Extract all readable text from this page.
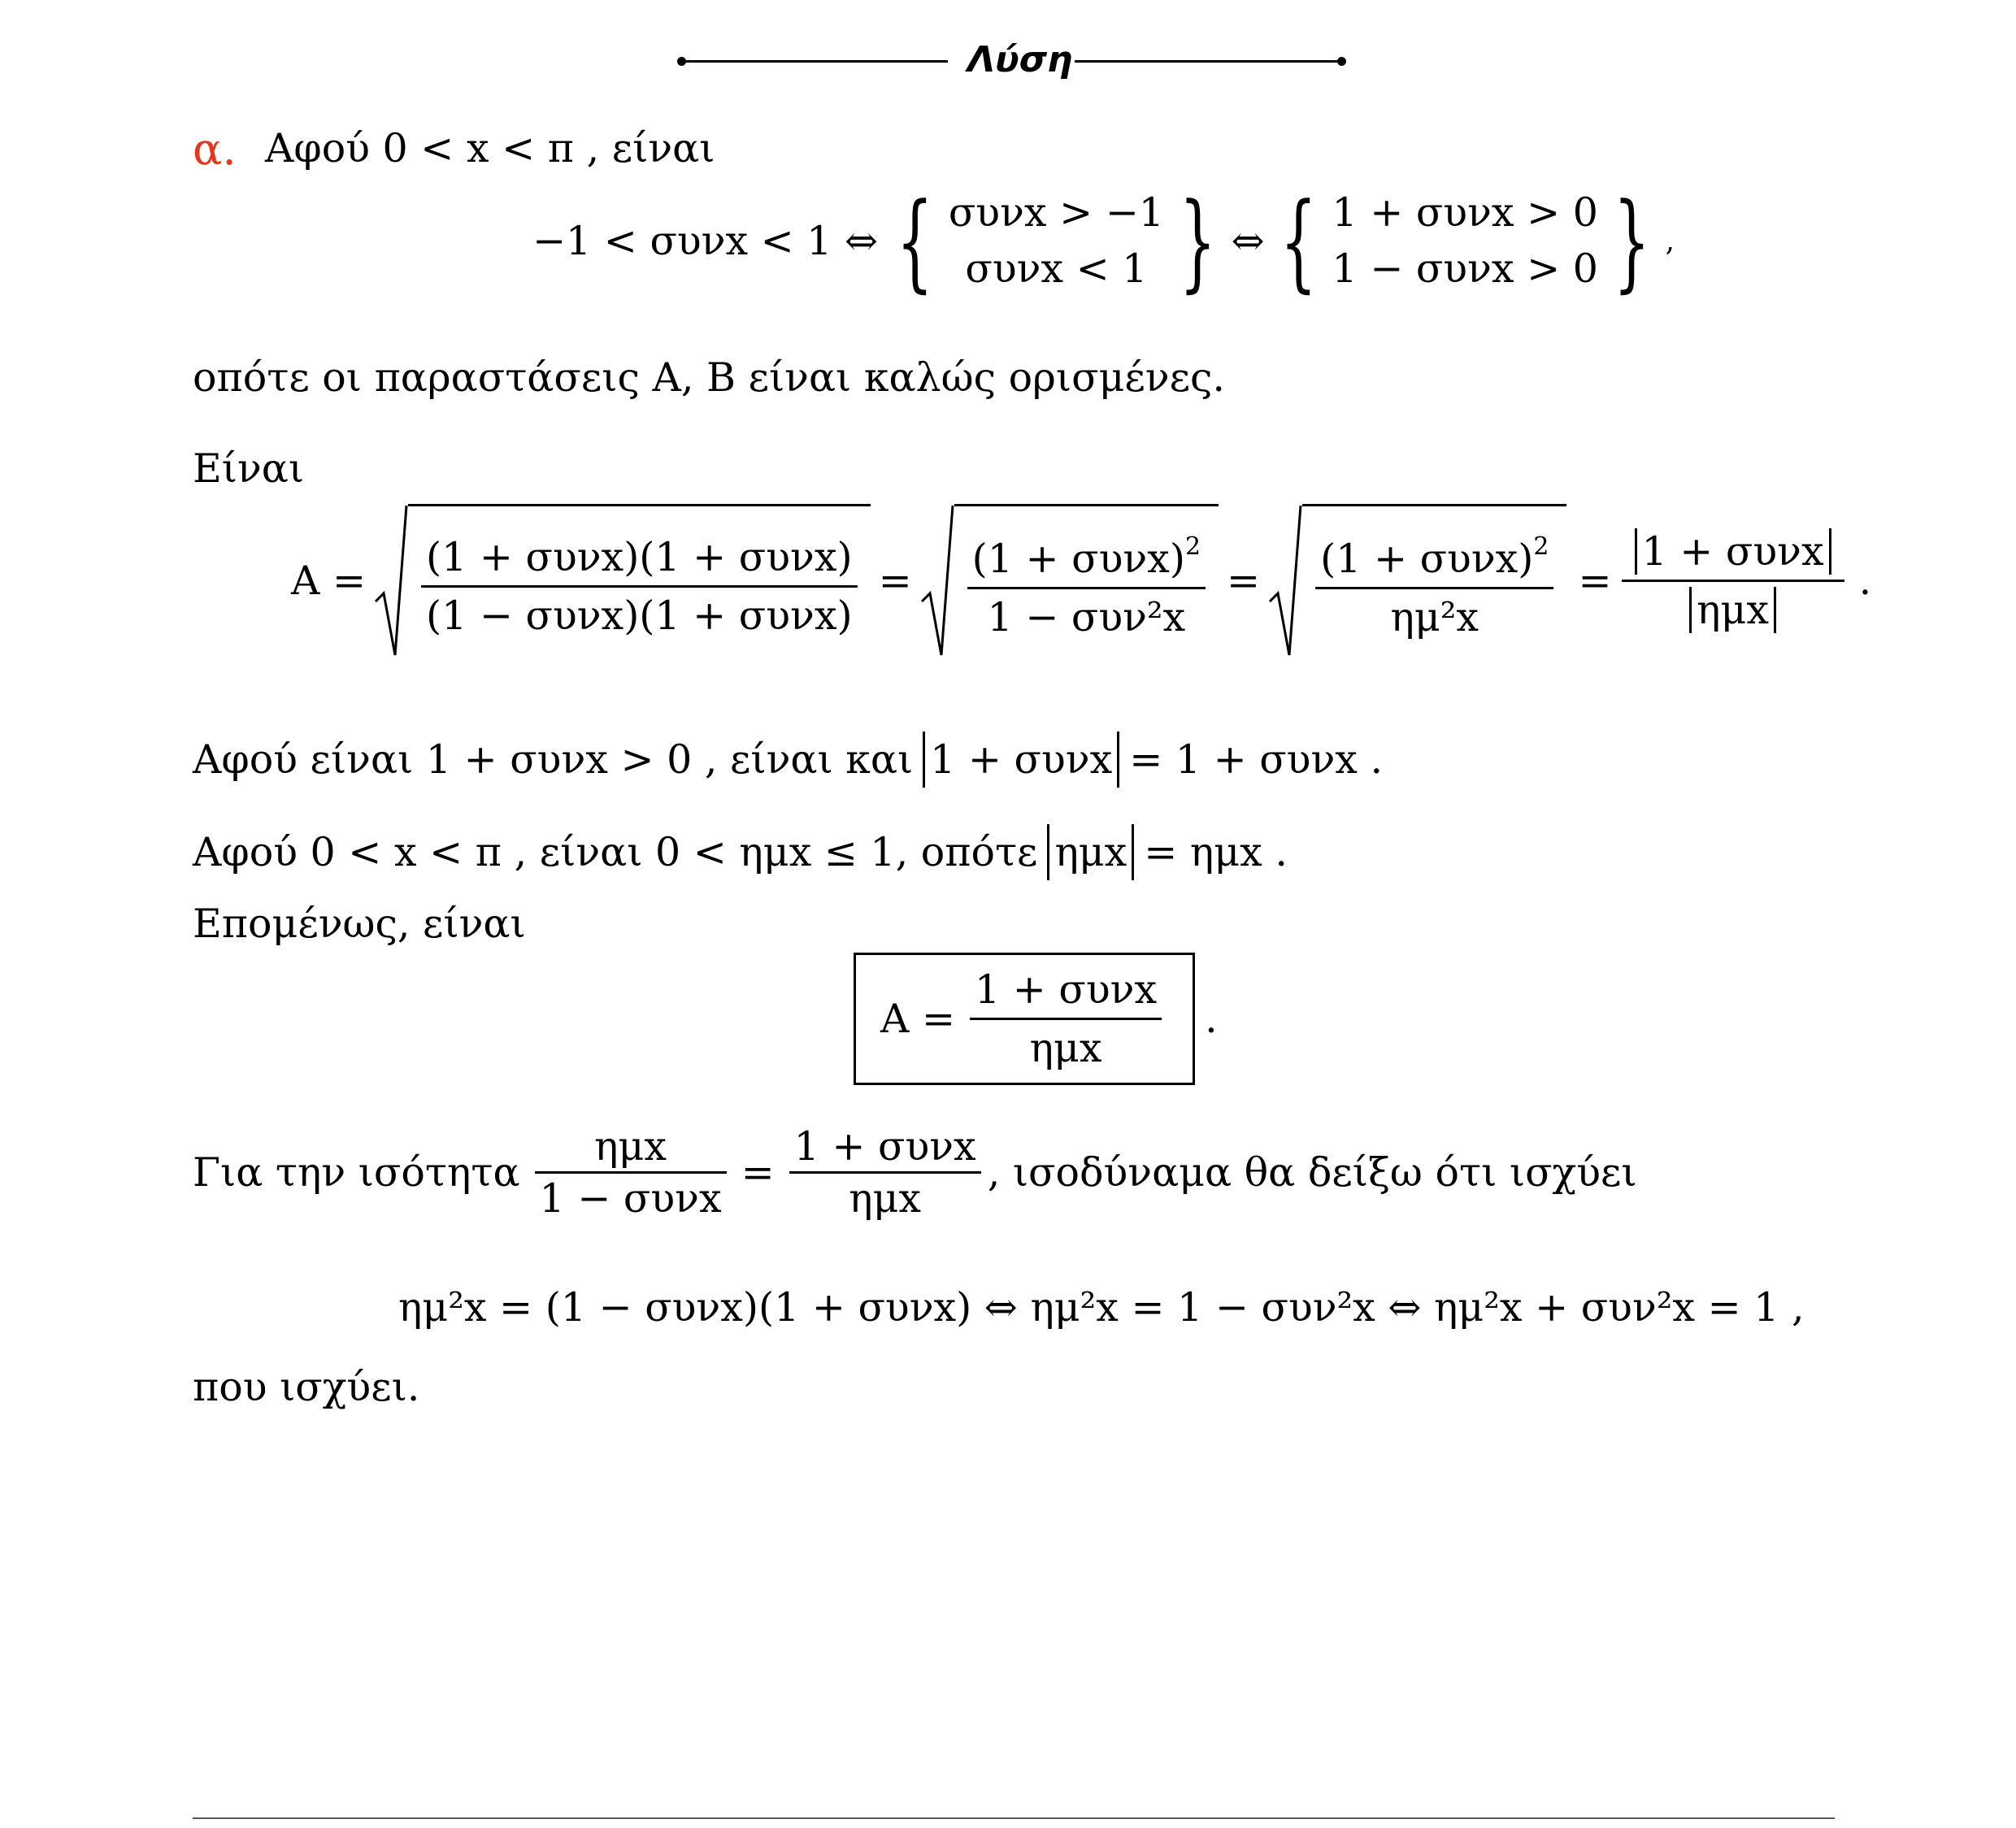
Λύση
α. Αφού 0 < x < π , είναι
−1 < συνx < 1 ⇔ { συνx > −1
συνx < 1 } ⇔ { 1 + συνx > 0
1 − συνx > 0 } ,
οπότε οι παραστάσεις Α, Β είναι καλώς ορισμένες.
Είναι
$A = \frac{\text{(1 + συνx)(1 + συνx)}}{\text{(1 − συνx)(1 + συνx)}} = \frac{(1 + \sigma\upsilon\nu x)^2}{\text{1 − συν²x}} = \frac{(1 + \sigma\upsilon\nu x)^2}{\text{ημ²x}} = \frac{\text{1 + συνx}}{\text{ημx}}$ .
Αφού είναι 1 + συνx > 0 , είναι και 1 + συνx = 1 + συνx .
Αφού 0 < x < π , είναι 0 < ημx ≤ 1, οπότε ημx = ημx .
Επομένως, είναι
$A = \frac{\text{1 + συνx}}{\text{ημx}}$ .
Για την ισότητα $\frac{\text{ημx}}{\text{1 − συνx}} = \frac{\text{1 + συνx}}{\text{ημx}}$ , ισοδύναμα θα δείξω ότι ισχύει
ημ²x = (1 − συνx)(1 + συνx) ⇔ ημ²x = 1 − συν²x ⇔ ημ²x + συν²x = 1 ,
που ισχύει.
